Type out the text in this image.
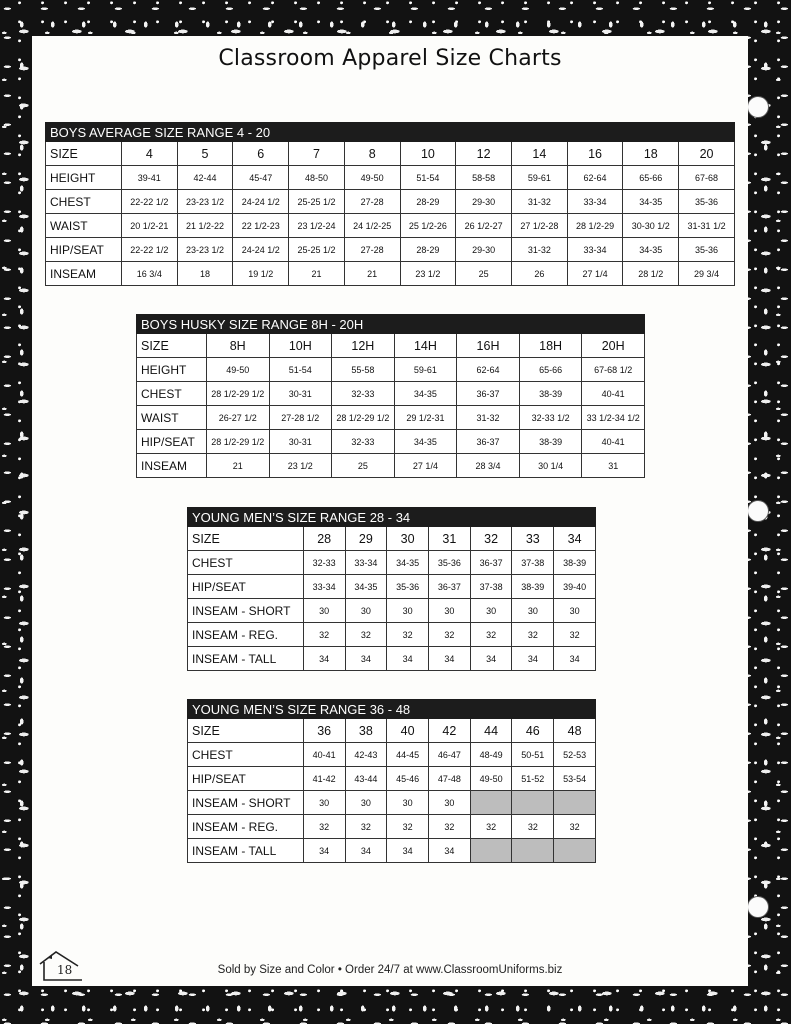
Classroom Apparel Size Charts
BOYS AVERAGE SIZE RANGE 4 - 20											
SIZE	4	5	6	7	8	10	12	14	16	18	20
HEIGHT	39-41	42-44	45-47	48-50	49-50	51-54	58-58	59-61	62-64	65-66	67-68
CHEST	22-22 1/2	23-23 1/2	24-24 1/2	25-25 1/2	27-28	28-29	29-30	31-32	33-34	34-35	35-36
WAIST	20 1/2-21	21 1/2-22	22 1/2-23	23 1/2-24	24 1/2-25	25 1/2-26	26 1/2-27	27 1/2-28	28 1/2-29	30-30 1/2	31-31 1/2
HIP/SEAT	22-22 1/2	23-23 1/2	24-24 1/2	25-25 1/2	27-28	28-29	29-30	31-32	33-34	34-35	35-36
INSEAM	16 3/4	18	19 1/2	21	21	23 1/2	25	26	27 1/4	28 1/2	29 3/4
BOYS HUSKY SIZE RANGE 8H - 20H							
SIZE	8H	10H	12H	14H	16H	18H	20H
HEIGHT	49-50	51-54	55-58	59-61	62-64	65-66	67-68 1/2
CHEST	28 1/2-29 1/2	30-31	32-33	34-35	36-37	38-39	40-41
WAIST	26-27 1/2	27-28 1/2	28 1/2-29 1/2	29 1/2-31	31-32	32-33 1/2	33 1/2-34 1/2
HIP/SEAT	28 1/2-29 1/2	30-31	32-33	34-35	36-37	38-39	40-41
INSEAM	21	23 1/2	25	27 1/4	28 3/4	30 1/4	31
YOUNG MEN’S SIZE RANGE 28 - 34							
SIZE	28	29	30	31	32	33	34
CHEST	32-33	33-34	34-35	35-36	36-37	37-38	38-39
HIP/SEAT	33-34	34-35	35-36	36-37	37-38	38-39	39-40
INSEAM - SHORT	30	30	30	30	30	30	30
INSEAM - REG.	32	32	32	32	32	32	32
INSEAM - TALL	34	34	34	34	34	34	34
YOUNG MEN’S SIZE RANGE 36 - 48							
SIZE	36	38	40	42	44	46	48
CHEST	40-41	42-43	44-45	46-47	48-49	50-51	52-53
HIP/SEAT	41-42	43-44	45-46	47-48	49-50	51-52	53-54
INSEAM - SHORT	30	30	30	30			
INSEAM - REG.	32	32	32	32	32	32	32
INSEAM - TALL	34	34	34	34			
18	Sold by Size and Color • Order 24/7 at www.ClassroomUniforms.biz
